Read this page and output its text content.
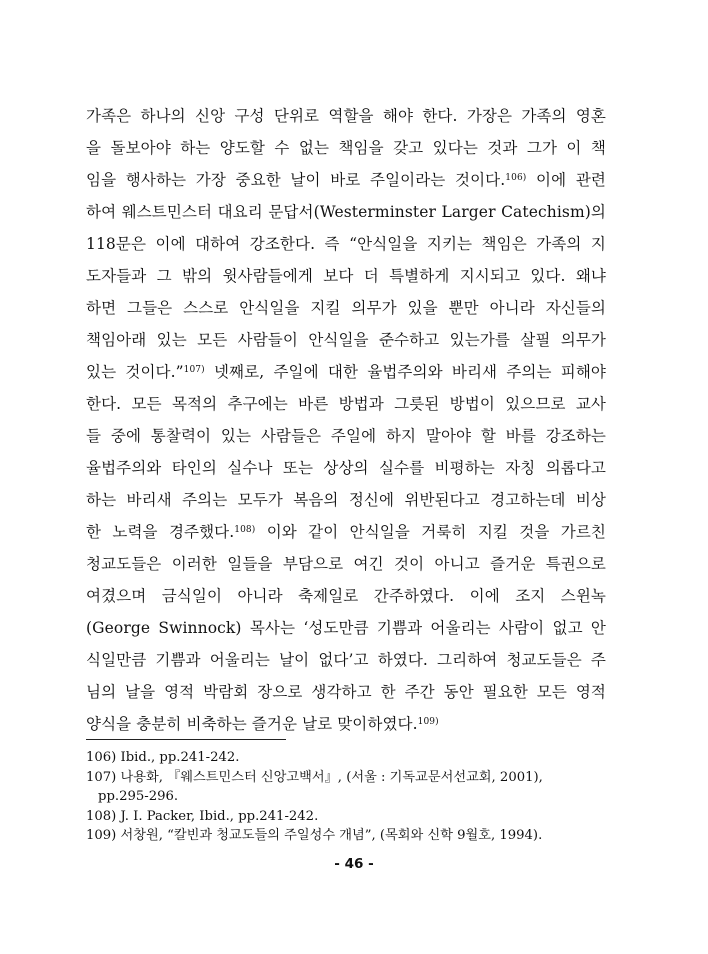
가족은 하나의 신앙 구성 단위로 역할을 해야 한다. 가장은 가족의 영혼
을 돌보아야 하는 양도할 수 없는 책임을 갖고 있다는 것과 그가 이 책
임을 행사하는 가장 중요한 날이 바로 주일이라는 것이다.$^{106)}$ 이에 관련
하여 웨스트민스터 대요리 문답서(Westerminster Larger Catechism)의
118문은 이에 대하여 강조한다. 즉 “안식일을 지키는 책임은 가족의 지
도자들과 그 밖의 윗사람들에게 보다 더 특별하게 지시되고 있다. 왜냐
하면 그들은 스스로 안식일을 지킬 의무가 있을 뿐만 아니라 자신들의
책임아래 있는 모든 사람들이 안식일을 준수하고 있는가를 살필 의무가
있는 것이다.”$^{107)}$ 넷째로, 주일에 대한 율법주의와 바리새 주의는 피해야
한다. 모든 목적의 추구에는 바른 방법과 그릇된 방법이 있으므로 교사
들 중에 통찰력이 있는 사람들은 주일에 하지 말아야 할 바를 강조하는
율법주의와 타인의 실수나 또는 상상의 실수를 비평하는 자칭 의롭다고
하는 바리새 주의는 모두가 복음의 정신에 위반된다고 경고하는데 비상
한 노력을 경주했다.$^{108)}$ 이와 같이 안식일을 거룩히 지킬 것을 가르친
청교도들은 이러한 일들을 부담으로 여긴 것이 아니고 즐거운 특권으로
여겼으며 금식일이 아니라 축제일로 간주하였다. 이에 조지 스윈녹
(George Swinnock) 목사는 ‘성도만큼 기쁨과 어울리는 사람이 없고 안
식일만큼 기쁨과 어울리는 날이 없다’고 하였다. 그리하여 청교도들은 주
님의 날을 영적 박람회 장으로 생각하고 한 주간 동안 필요한 모든 영적
양식을 충분히 비축하는 즐거운 날로 맞이하였다.$^{109)}$
106) Ibid., pp.241-242.
107) 나용화, 『웨스트민스터 신앙고백서』, (서울 : 기독교문서선교회, 2001),
pp.295-296.
108) J. I. Packer, Ibid., pp.241-242.
109) 서창원, “칼빈과 청교도들의 주일성수 개념”, (목회와 신학 9월호, 1994).
- 46 -
